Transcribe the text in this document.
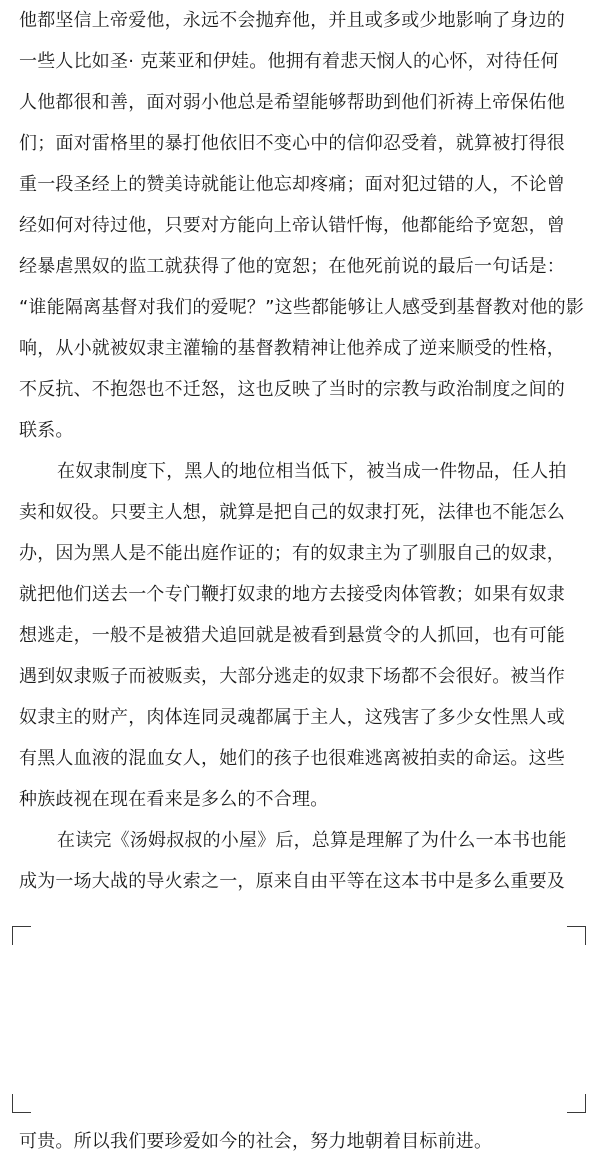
他都坚信上帝爱他，永远不会抛弃他，并且或多或少地影响了身边的
一些人比如圣· 克莱亚和伊娃。他拥有着悲天悯人的心怀，对待任何
人他都很和善，面对弱小他总是希望能够帮助到他们祈祷上帝保佑他
们；面对雷格里的暴打他依旧不变心中的信仰忍受着，就算被打得很
重一段圣经上的赞美诗就能让他忘却疼痛；面对犯过错的人，不论曾
经如何对待过他，只要对方能向上帝认错忏悔，他都能给予宽恕，曾
经暴虐黑奴的监工就获得了他的宽恕；在他死前说的最后一句话是：
“谁能隔离基督对我们的爱呢？”这些都能够让人感受到基督教对他的影
响，从小就被奴隶主灌输的基督教精神让他养成了逆来顺受的性格，
不反抗、不抱怨也不迁怒，这也反映了当时的宗教与政治制度之间的
联系。
在奴隶制度下，黑人的地位相当低下，被当成一件物品，任人拍
卖和奴役。只要主人想，就算是把自己的奴隶打死，法律也不能怎么
办，因为黑人是不能出庭作证的；有的奴隶主为了驯服自己的奴隶，
就把他们送去一个专门鞭打奴隶的地方去接受肉体管教；如果有奴隶
想逃走，一般不是被猎犬追回就是被看到悬赏令的人抓回，也有可能
遇到奴隶贩子而被贩卖，大部分逃走的奴隶下场都不会很好。被当作
奴隶主的财产，肉体连同灵魂都属于主人，这残害了多少女性黑人或
有黑人血液的混血女人，她们的孩子也很难逃离被拍卖的命运。这些
种族歧视在现在看来是多么的不合理。
在读完《汤姆叔叔的小屋》后，总算是理解了为什么一本书也能
成为一场大战的导火索之一，原来自由平等在这本书中是多么重要及
可贵。所以我们要珍爱如今的社会，努力地朝着目标前进。
